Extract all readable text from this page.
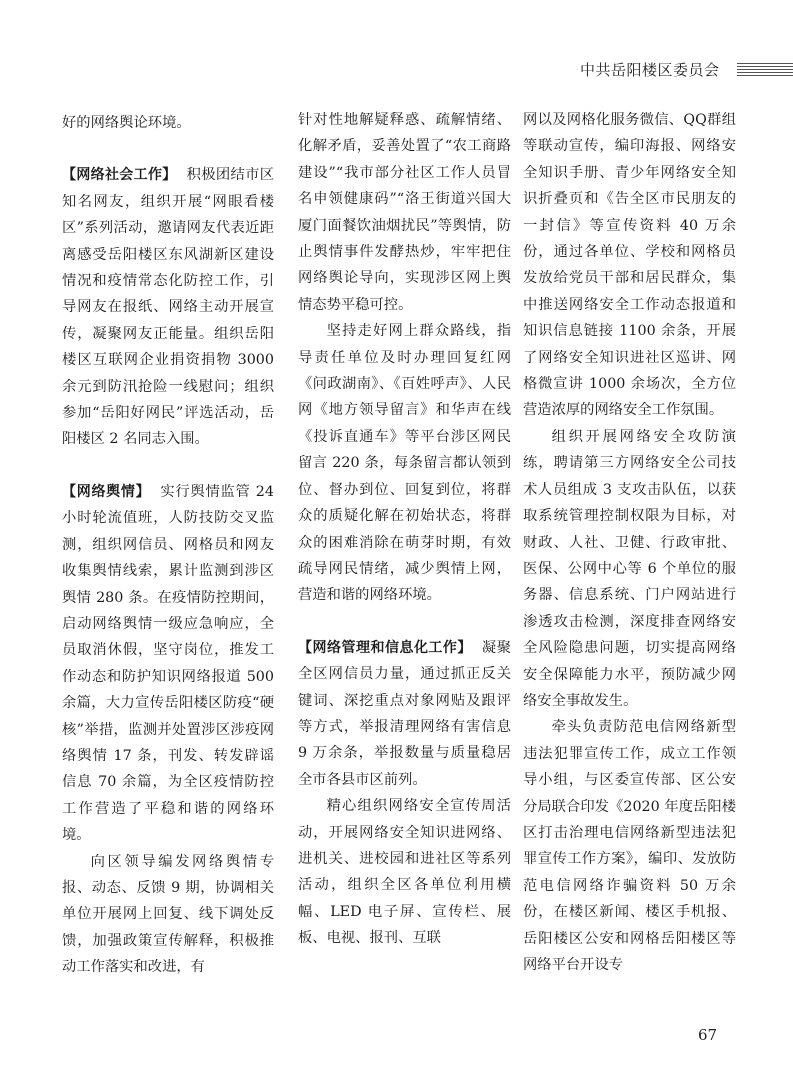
中共岳阳楼区委员会

好的网络舆论环境。

【网络社会工作】 积极团结市区知名网友，组织开展“网眼看楼区”系列活动，邀请网友代表近距离感受岳阳楼区东风湖新区建设情况和疫情常态化防控工作，引导网友在报纸、网络主动开展宣传，凝聚网友正能量。组织岳阳楼区互联网企业捐资捐物 3000 余元到防汛抢险一线慰问；组织参加“岳阳好网民”评选活动，岳阳楼区 2 名同志入围。

【网络舆情】 实行舆情监管 24 小时轮流值班，人防技防交叉监测，组织网信员、网格员和网友收集舆情线索，累计监测到涉区舆情 280 条。在疫情防控期间，启动网络舆情一级应急响应，全员取消休假，坚守岗位，推发工作动态和防护知识网络报道 500 余篇，大力宣传岳阳楼区防疫“硬核”举措，监测并处置涉区涉疫网络舆情 17 条，刊发、转发辟谣信息 70 余篇，为全区疫情防控工作营造了平稳和谐的网络环境。

向区领导编发网络舆情专报、动态、反馈 9 期，协调相关单位开展网上回复、线下调处反馈，加强政策宣传解释，积极推动工作落实和改进，有

针对性地解疑释惑、疏解情绪、化解矛盾，妥善处置了“农工商路建设”“我市部分社区工作人员冒名申领健康码”“洛王街道兴国大厦门面餐饮油烟扰民”等舆情，防止舆情事件发酵热炒，牢牢把住网络舆论导向，实现涉区网上舆情态势平稳可控。

坚持走好网上群众路线，指导责任单位及时办理回复红网《问政湖南》、《百姓呼声》、人民网《地方领导留言》和华声在线《投诉直通车》等平台涉区网民留言 220 条，每条留言都认领到位、督办到位、回复到位，将群众的质疑化解在初始状态，将群众的困难消除在萌芽时期，有效疏导网民情绪，减少舆情上网，营造和谐的网络环境。

【网络管理和信息化工作】 凝聚全区网信员力量，通过抓正反关键词、深挖重点对象网贴及跟评等方式，举报清理网络有害信息 9 万余条，举报数量与质量稳居全市各县市区前列。

精心组织网络安全宣传周活动，开展网络安全知识进网络、进机关、进校园和进社区等系列活动，组织全区各单位利用横幅、LED 电子屏、宣传栏、展板、电视、报刊、互联

网以及网格化服务微信、QQ群组等联动宣传，编印海报、网络安全知识手册、青少年网络安全知识折叠页和《告全区市民朋友的一封信》等宣传资料 40 万余份，通过各单位、学校和网格员发放给党员干部和居民群众，集中推送网络安全工作动态报道和知识信息链接 1100 余条，开展了网络安全知识进社区巡讲、网格微宣讲 1000 余场次，全方位营造浓厚的网络安全工作氛围。

组织开展网络安全攻防演练，聘请第三方网络安全公司技术人员组成 3 支攻击队伍，以获取系统管理控制权限为目标，对财政、人社、卫健、行政审批、医保、公网中心等 6 个单位的服务器、信息系统、门户网站进行渗透攻击检测，深度排查网络安全风险隐患问题，切实提高网络安全保障能力水平，预防减少网络安全事故发生。

牵头负责防范电信网络新型违法犯罪宣传工作，成立工作领导小组，与区委宣传部、区公安分局联合印发《2020 年度岳阳楼区打击治理电信网络新型违法犯罪宣传工作方案》，编印、发放防范电信网络诈骗资料 50 万余份，在楼区新闻、楼区手机报、岳阳楼区公安和网格岳阳楼区等网络平台开设专

67
